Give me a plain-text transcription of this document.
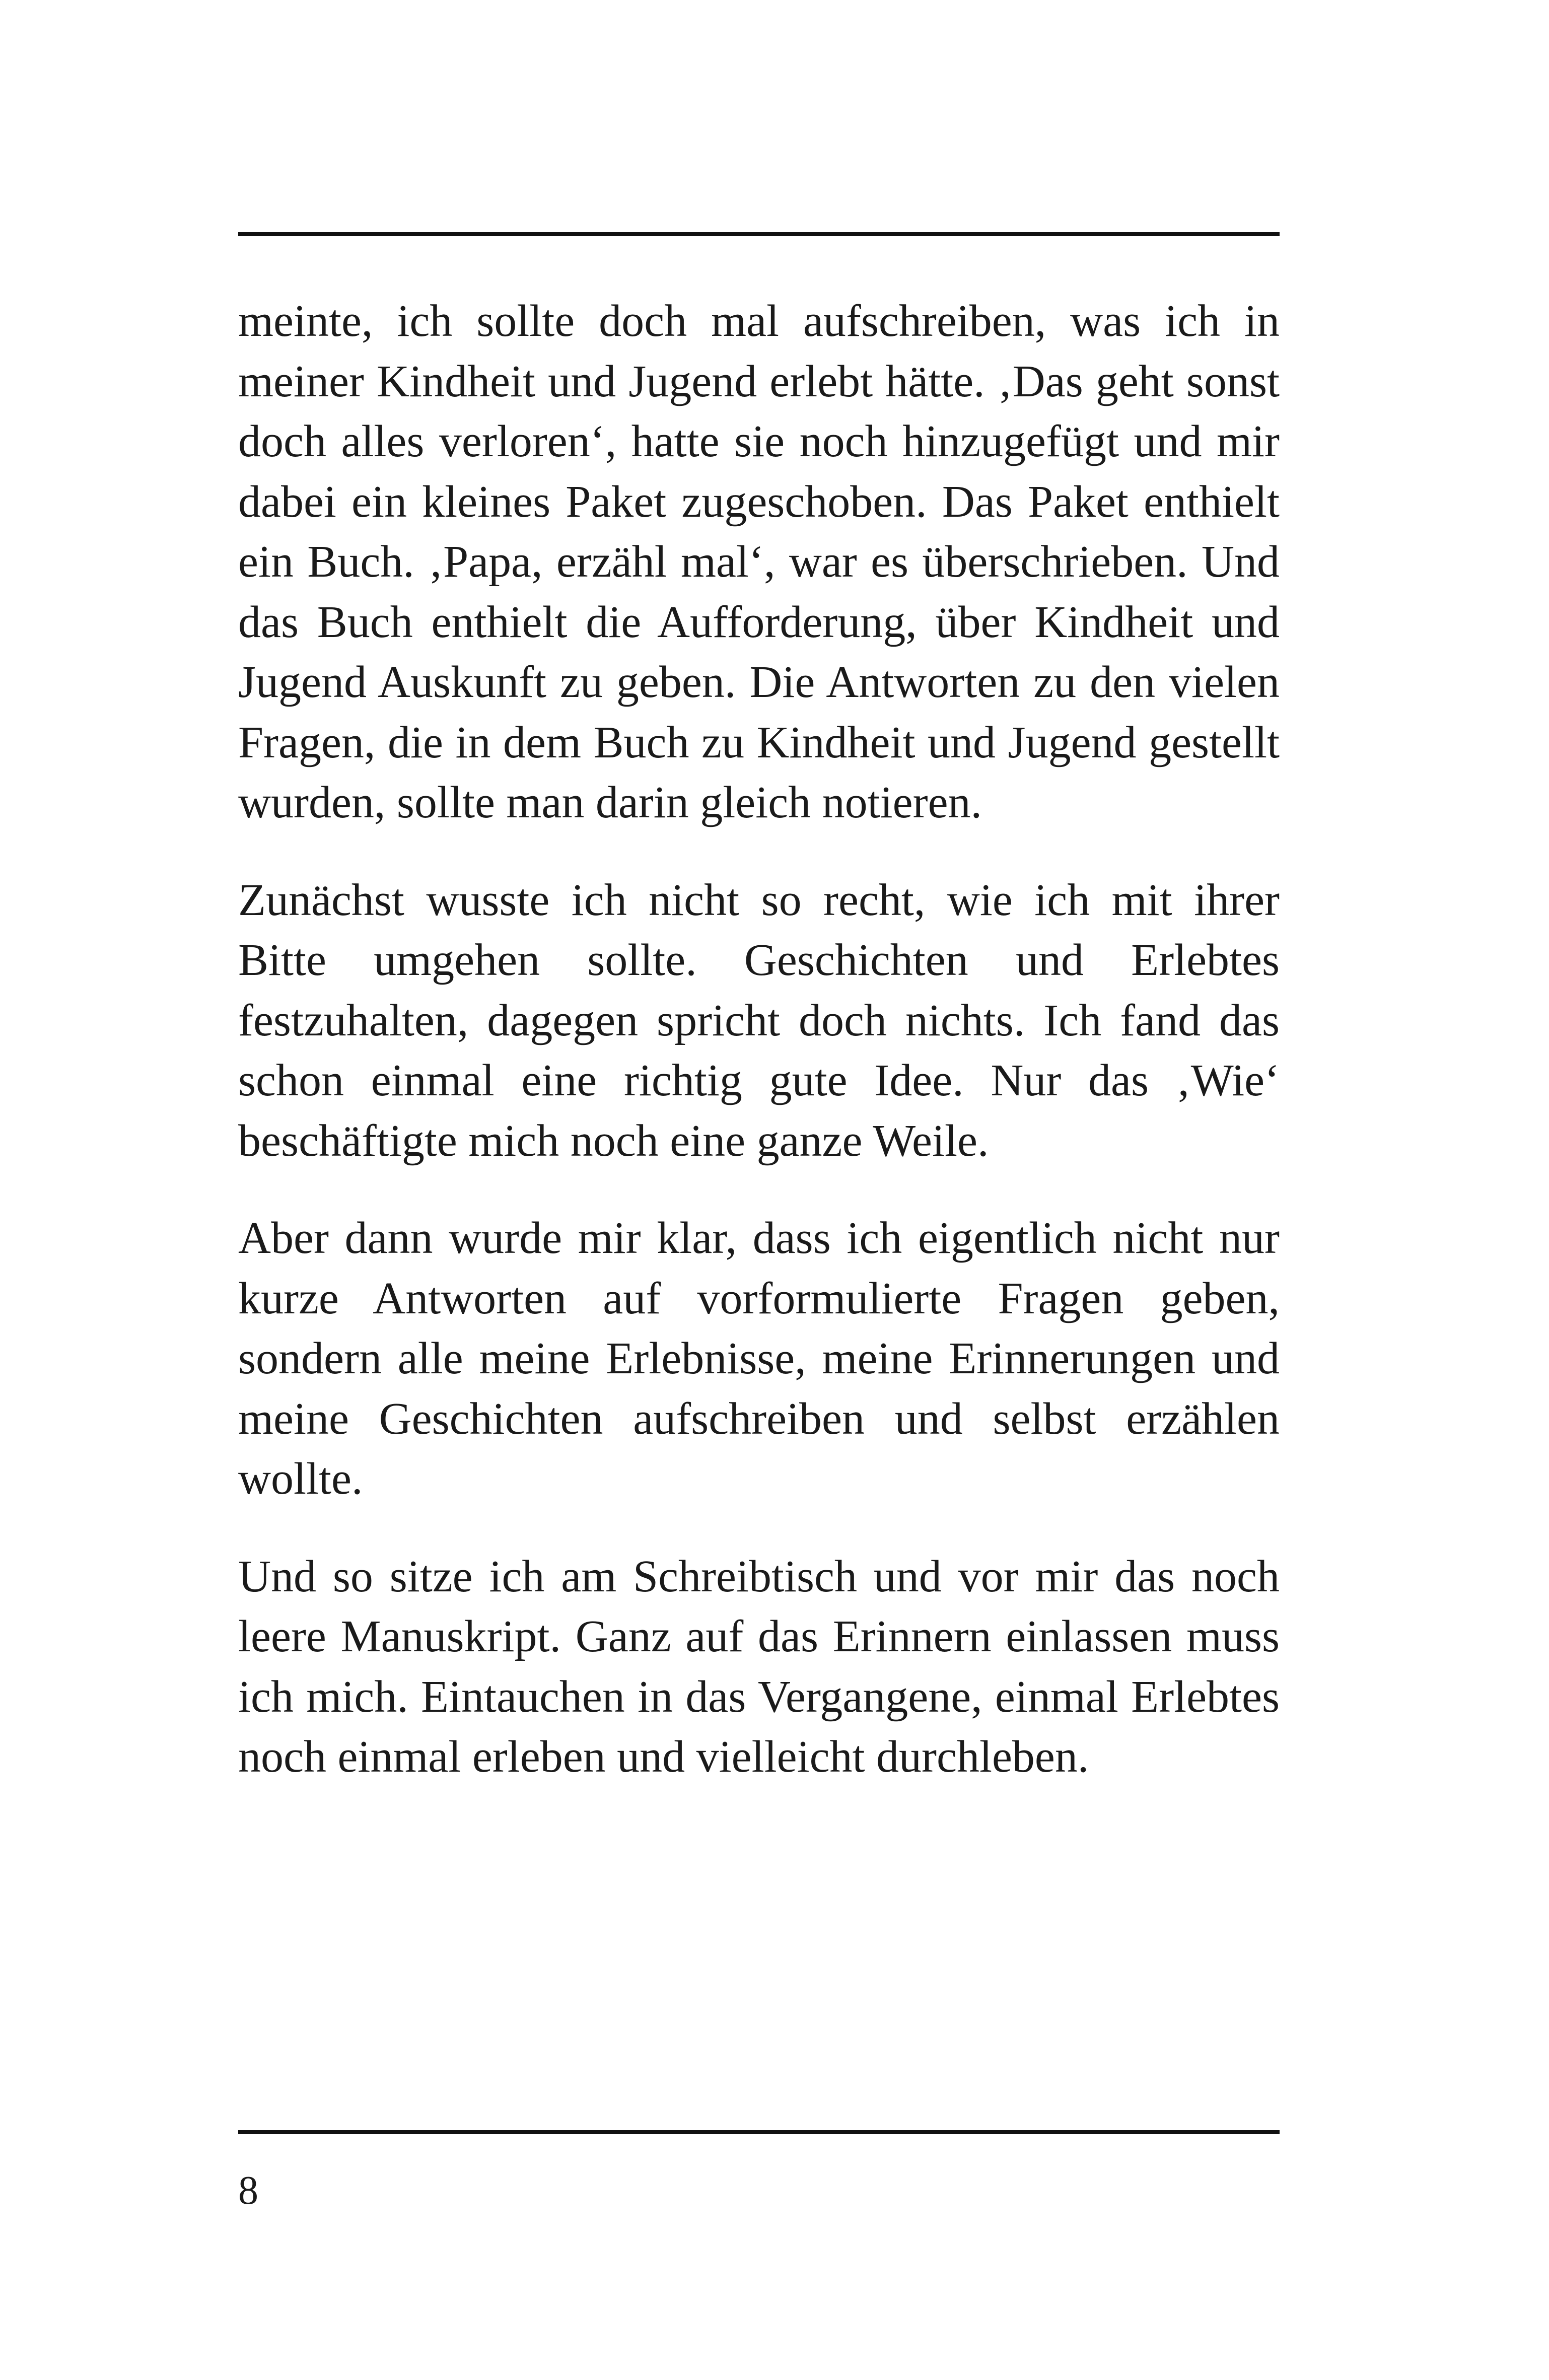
meinte, ich sollte doch mal aufschreiben, was ich in meiner Kindheit und Jugend erlebt hätte. ‚Das geht sonst doch alles verloren‘, hatte sie noch hinzugefügt und mir dabei ein kleines Paket zugeschoben. Das Paket enthielt ein Buch. ‚Papa, erzähl mal‘, war es überschrieben. Und das Buch enthielt die Aufforderung, über Kindheit und Jugend Auskunft zu geben. Die Antworten zu den vielen Fragen, die in dem Buch zu Kindheit und Jugend gestellt wurden, sollte man darin gleich notieren.

Zunächst wusste ich nicht so recht, wie ich mit ihrer Bitte umgehen sollte. Geschichten und Erlebtes festzuhalten, dagegen spricht doch nichts. Ich fand das schon einmal eine richtig gute Idee. Nur das ‚Wie‘ beschäftigte mich noch eine ganze Weile.

Aber dann wurde mir klar, dass ich eigentlich nicht nur kurze Antworten auf vorformulierte Fragen geben, sondern alle meine Erlebnisse, meine Erinnerungen und meine Geschichten aufschreiben und selbst erzählen wollte.

Und so sitze ich am Schreibtisch und vor mir das noch leere Manuskript. Ganz auf das Erinnern einlassen muss ich mich. Eintauchen in das Vergangene, einmal Erlebtes noch einmal erleben und vielleicht durchleben.

8
